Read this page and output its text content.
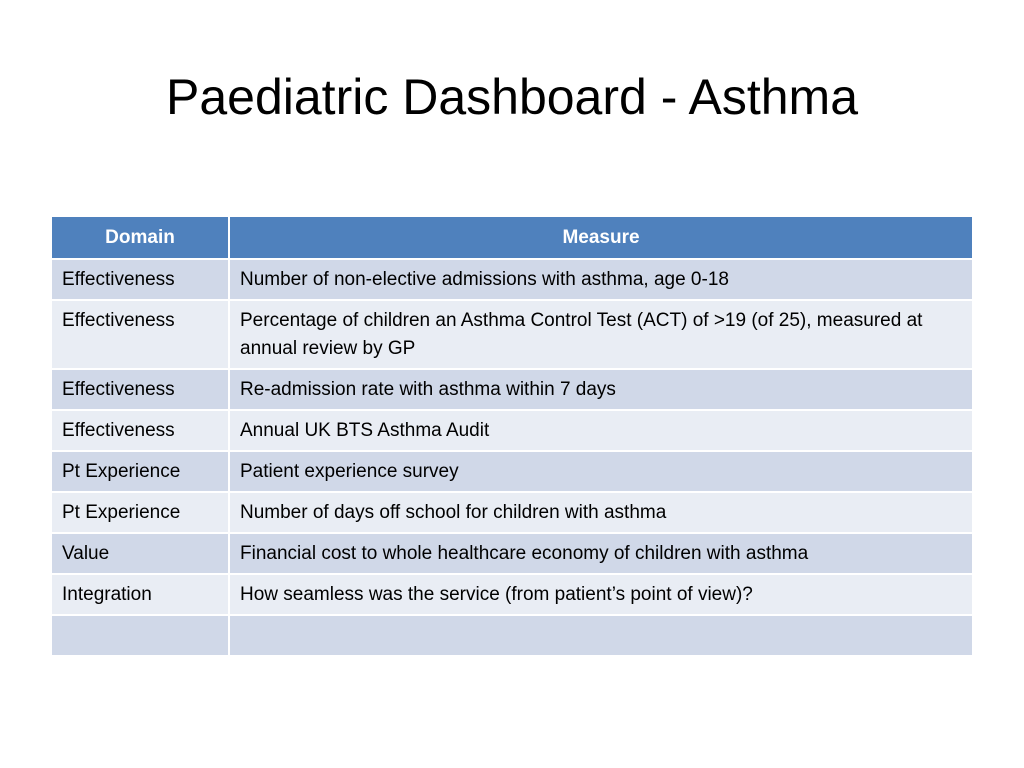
Paediatric Dashboard - Asthma
Domain	Measure
Effectiveness	Number of non-elective admissions with asthma, age 0-18
Effectiveness	Percentage of children an Asthma Control Test (ACT) of >19 (of 25), measured at annual review by GP
Effectiveness	Re-admission rate with asthma within 7 days
Effectiveness	Annual UK BTS Asthma Audit
Pt Experience	Patient experience survey
Pt Experience	Number of days off school for children with asthma
Value	Financial cost to whole healthcare economy of children with asthma
Integration	How seamless was the service (from patient’s point of view)?
